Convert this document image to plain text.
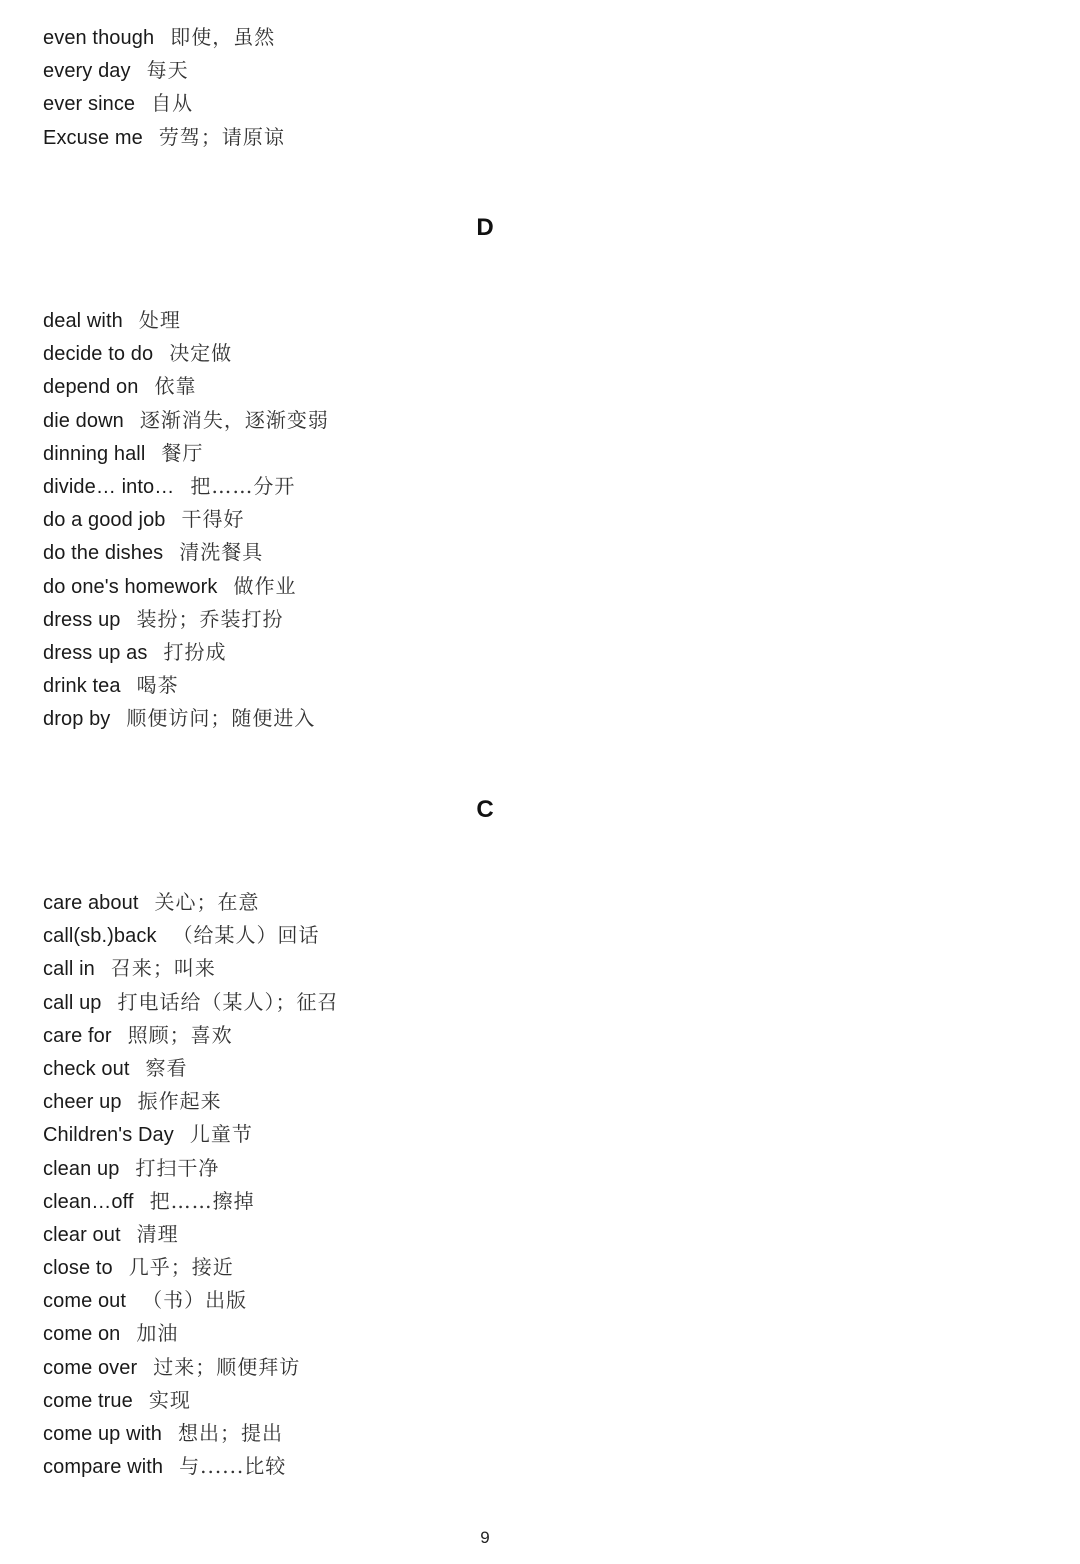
even though 即使，虽然
every day 每天
ever since 自从
Excuse me 劳驾；请原谅
D
deal with 处理
decide to do 决定做
depend on 依靠
die down 逐渐消失，逐渐变弱
dinning hall 餐厅
divide… into… 把……分开
do a good job 干得好
do the dishes 清洗餐具
do one's homework 做作业
dress up 装扮；乔装打扮
dress up as 打扮成
drink tea 喝茶
drop by 顺便访问；随便进入
C
care about 关心；在意
call(sb.)back （给某人）回话
call in 召来；叫来
call up 打电话给（某人）；征召
care for 照顾；喜欢
check out 察看
cheer up 振作起来
Children's Day 儿童节
clean up 打扫干净
clean…off 把……擦掉
clear out 清理
close to 几乎；接近
come out （书）出版
come on 加油
come over 过来；顺便拜访
come true 实现
come up with 想出；提出
compare with 与......比较
9
